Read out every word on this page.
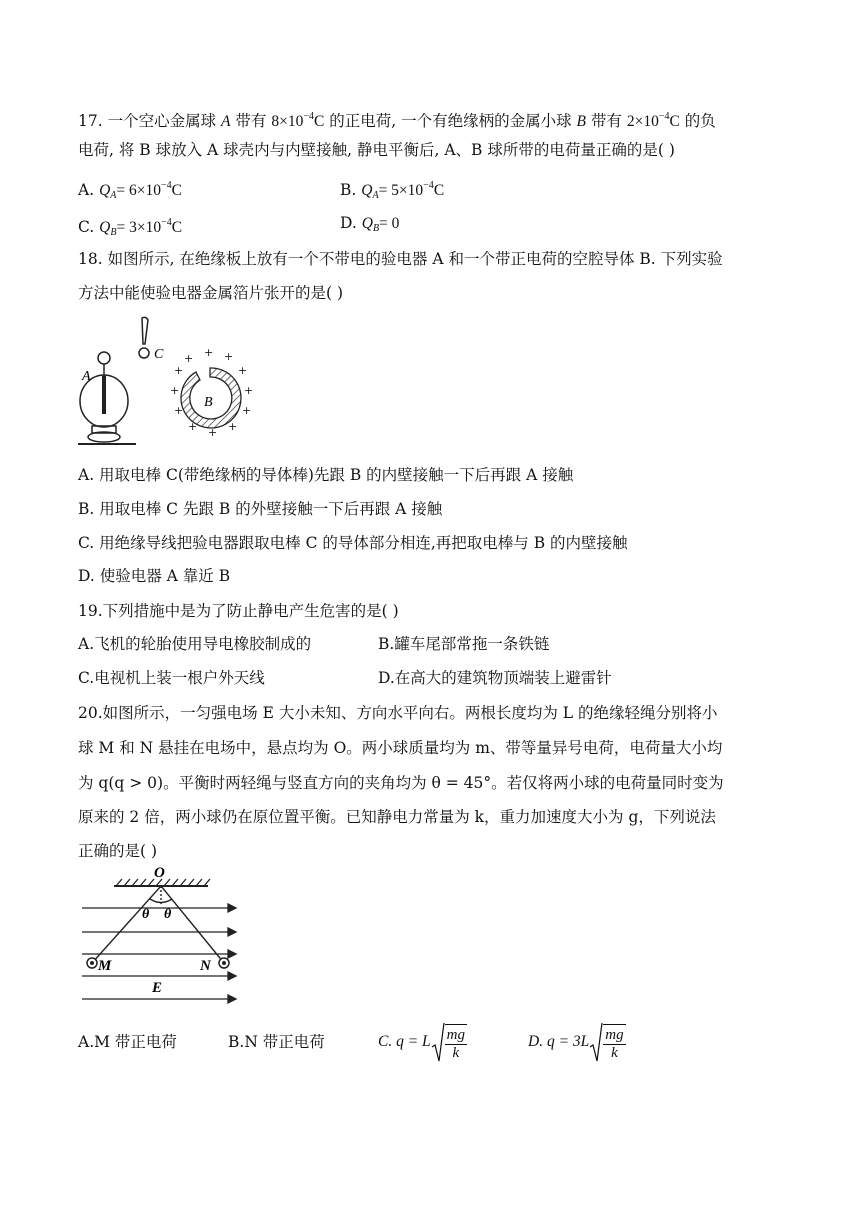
17. 一个空心金属球 A 带有 $8\times 10^{-4}C$ 的正电荷, 一个有绝缘柄的金属小球 B 带有 $2\times 10^{-4}C$ 的负
电荷, 将 B 球放入 A 球壳内与内壁接触, 静电平衡后, A、B 球所带的电荷量正确的是( )
A. $Q_A= 6\times 10^{-4}C$	B. $Q_A= 5\times 10^{-4}C$
C. $Q_B= 3\times 10^{-4}C$	D. $Q_B= 0$
18. 如图所示, 在绝缘板上放有一个不带电的验电器 A 和一个带正电荷的空腔导体 B. 下列实验
方法中能使验电器金属箔片张开的是( )
A
C
B
+ + +
+
+
+
+
+
+
+
+
+
A. 用取电棒 C(带绝缘柄的导体棒)先跟 B 的内壁接触一下后再跟 A 接触
B. 用取电棒 C 先跟 B 的外壁接触一下后再跟 A 接触
C. 用绝缘导线把验电器跟取电棒 C 的导体部分相连,再把取电棒与 B 的内壁接触
D. 使验电器 A 靠近 B
19.下列措施中是为了防止静电产生危害的是( )
A.飞机的轮胎使用导电橡胶制成的	B.罐车尾部常拖一条铁链
C.电视机上装一根户外天线	D.在高大的建筑物顶端装上避雷针
20.如图所示，一匀强电场 E 大小未知、方向水平向右。两根长度均为 L 的绝缘轻绳分别将小
球 M 和 N 悬挂在电场中，悬点均为 O。两小球质量均为 m、带等量异号电荷，电荷量大小均
为 q(q > 0)。平衡时两轻绳与竖直方向的夹角均为 θ = 45°。若仅将两小球的电荷量同时变为
原来的 2 倍，两小球仍在原位置平衡。已知静电力常量为 k，重力加速度大小为 g，下列说法
正确的是( )
O
θ θ
M	N
E
A.M 带正电荷	B.N 带正电荷	C. q = L $\frac{mg}{k}$	D. $q = 3L \frac{mg}{k}$
